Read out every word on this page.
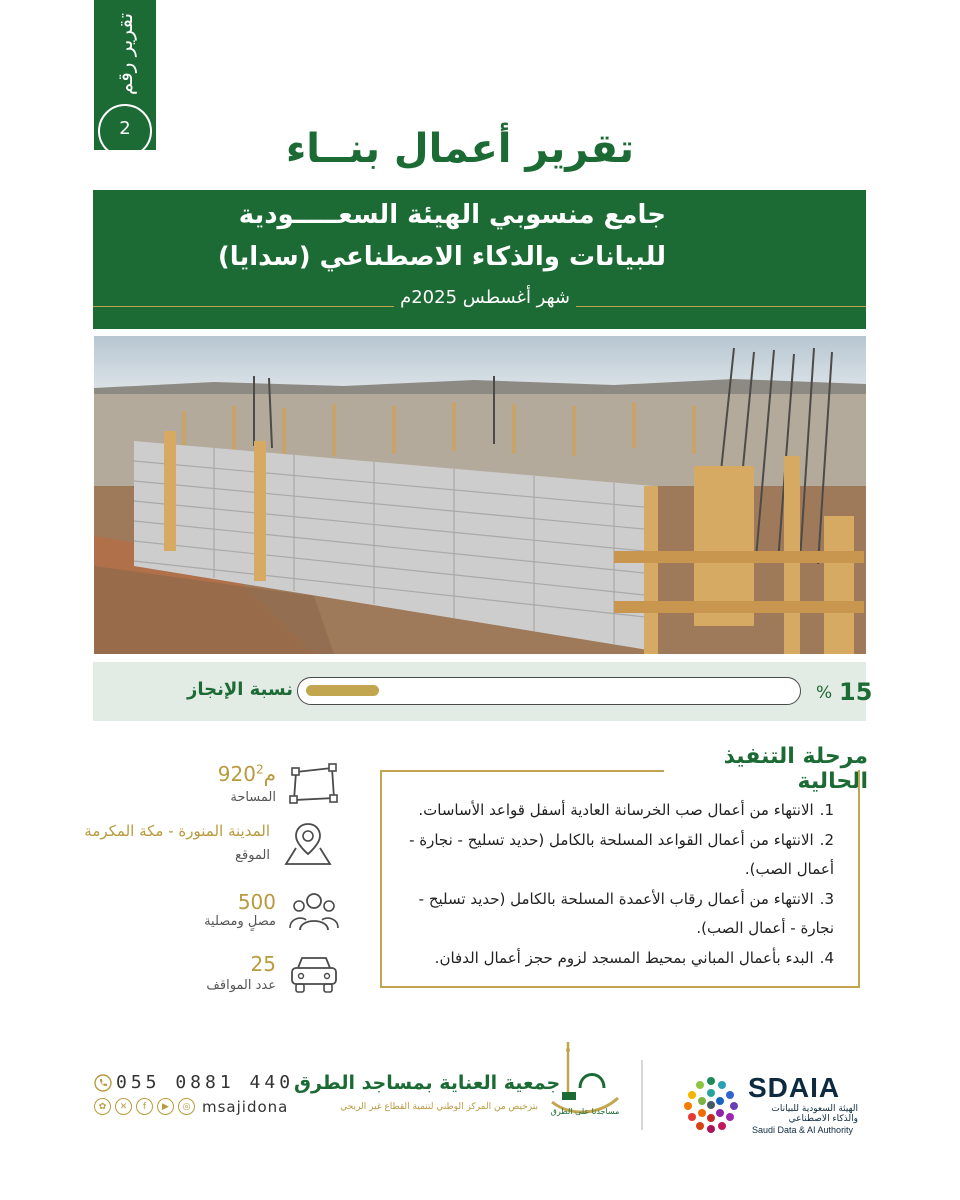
تقرير رقم
2	تقرير أعمال بنــاء
جامع منسوبي الهيئة السعـــــودية
للبيانات والذكاء الاصطناعي (سدايا)
شهر أغسطس 2025م
نسبة الإنجاز	% 15
مرحلة التنفيذ الحالية
1.الانتهاء من أعمال صب الخرسانة العادية أسفل قواعد الأساسات.
2.الانتهاء من أعمال القواعد المسلحة بالكامل (حديد تسليح - نجارة - أعمال الصب).
3.الانتهاء من أعمال رقاب الأعمدة المسلحة بالكامل (حديد تسليح - نجارة - أعمال الصب).
4.البدء بأعمال المباني بمحيط المسجد لزوم حجز أعمال الدفان.
920م$^2$
المساحة
المدينة المنورة - مكة المكرمة
الموقع
500
مصلٍ ومصلية
25
عدد المواقف
SDAIA
الهيئة السعودية للبيانات
والذكاء الاصطناعي
Saudi Data & AI Authority
مساجدنا على الطرق
جمعية العناية بمساجد الطرق
بترخيص من المركز الوطني لتنمية القطاع غير الربحي
055 0881 440
✿	✕	f	▶	◎ msajidona
